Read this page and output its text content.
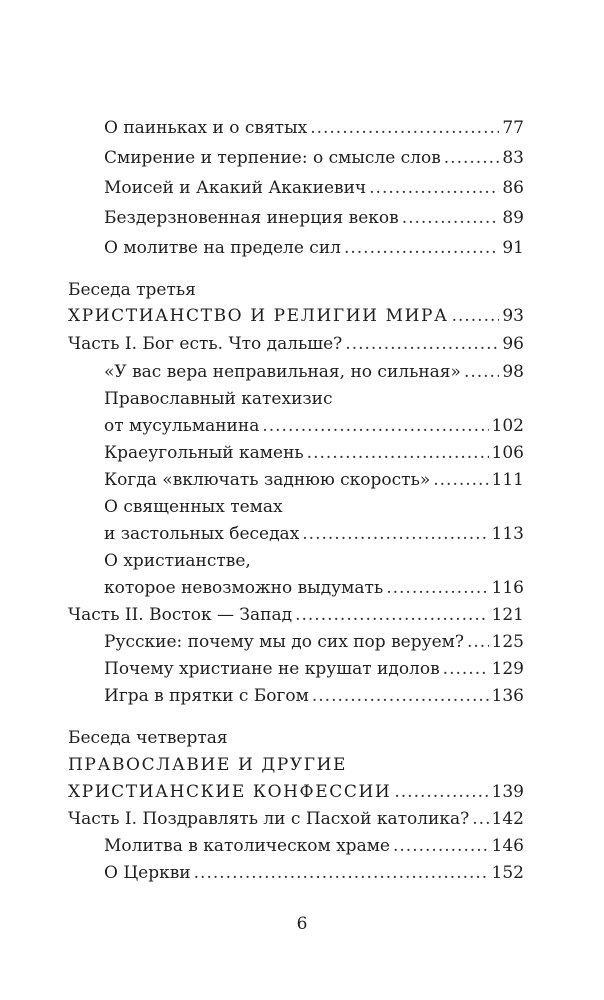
О паиньках и о святых .....	77
Смирение и терпение: о смысле слов .....	83
Моисей и Акакий Акакиевич .....	86
Бездерзновенная инерция веков .....	89
О молитве на пределе сил .....	91
Беседа третья
ХРИСТИАНСТВО И РЕЛИГИИ МИРА .....	93
Часть I. Бог есть. Что дальше? .....	96
«У вас вера неправильная, но сильная» ..... 98
Православный катехизис
от мусульманина .....	102
Краеугольный камень .....	106
Когда «включать заднюю скорость» .....	111
О священных темах
и застольных беседах .....	113
О христианстве,
которое невозможно выдумать .....	116
Часть II. Восток — Запад .....	121
Русские: почему мы до сих пор веруем? ..... 125
Почему христиане не крушат идолов .....	129
Игра в прятки с Богом .....	136
Беседа четвертая
ПРАВОСЛАВИЕ И ДРУГИЕ
ХРИСТИАНСКИЕ КОНФЕССИИ .....	139
Часть I. Поздравлять ли с Пасхой католика? ..... 142
Молитва в католическом храме .....	146
О Церкви .....	152
6
